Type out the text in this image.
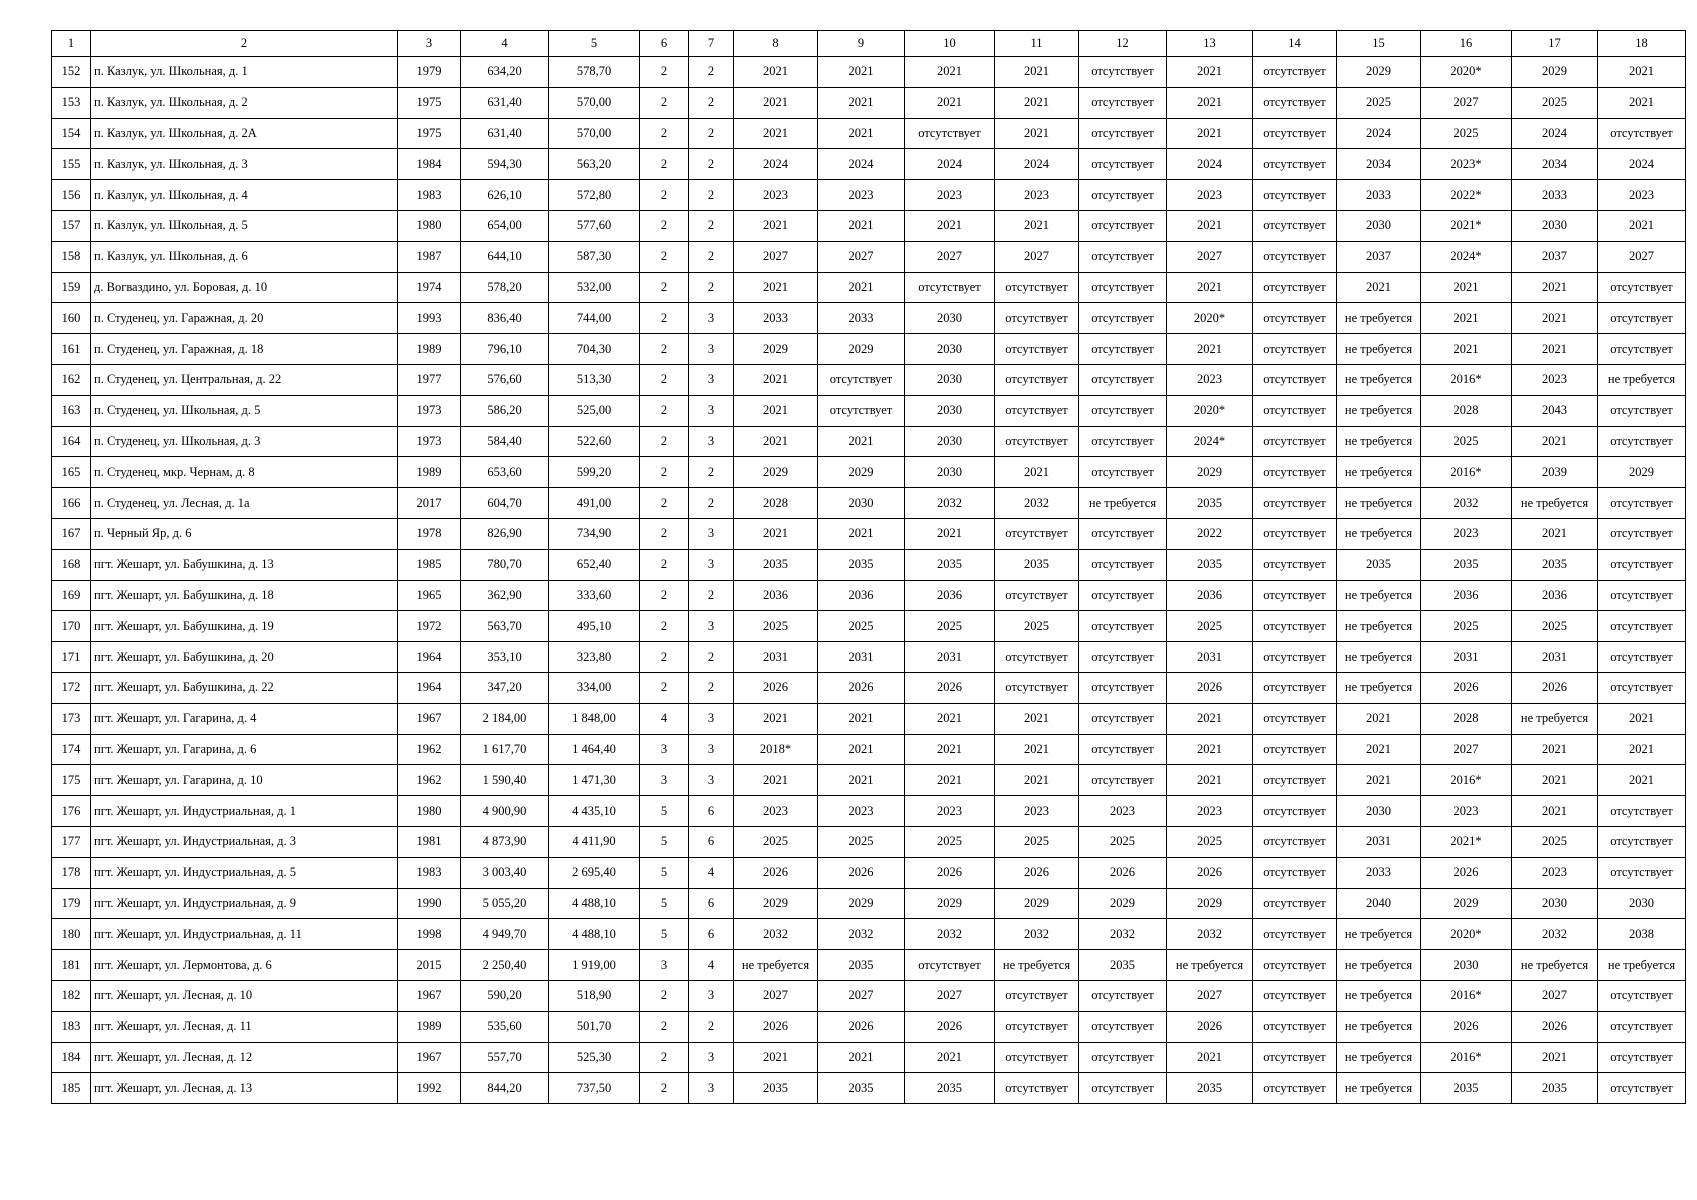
1	2	3	4	5	6	7	8	9	10	11	12	13	14	15	16	17	18
152	п. Казлук, ул. Школьная, д. 1	1979	634,20	578,70	2	2	2021	2021	2021	2021	отсутствует	2021	отсутствует	2029	2020*	2029	2021
153	п. Казлук, ул. Школьная, д. 2	1975	631,40	570,00	2	2	2021	2021	2021	2021	отсутствует	2021	отсутствует	2025	2027	2025	2021
154	п. Казлук, ул. Школьная, д. 2А	1975	631,40	570,00	2	2	2021	2021	отсутствует	2021	отсутствует	2021	отсутствует	2024	2025	2024	отсутствует
155	п. Казлук, ул. Школьная, д. 3	1984	594,30	563,20	2	2	2024	2024	2024	2024	отсутствует	2024	отсутствует	2034	2023*	2034	2024
156	п. Казлук, ул. Школьная, д. 4	1983	626,10	572,80	2	2	2023	2023	2023	2023	отсутствует	2023	отсутствует	2033	2022*	2033	2023
157	п. Казлук, ул. Школьная, д. 5	1980	654,00	577,60	2	2	2021	2021	2021	2021	отсутствует	2021	отсутствует	2030	2021*	2030	2021
158	п. Казлук, ул. Школьная, д. 6	1987	644,10	587,30	2	2	2027	2027	2027	2027	отсутствует	2027	отсутствует	2037	2024*	2037	2027
159	д. Вогваздино, ул. Боровая, д. 10	1974	578,20	532,00	2	2	2021	2021	отсутствует	отсутствует	отсутствует	2021	отсутствует	2021	2021	2021	отсутствует
160	п. Студенец, ул. Гаражная, д. 20	1993	836,40	744,00	2	3	2033	2033	2030	отсутствует	отсутствует	2020*	отсутствует	не требуется	2021	2021	отсутствует
161	п. Студенец, ул. Гаражная, д. 18	1989	796,10	704,30	2	3	2029	2029	2030	отсутствует	отсутствует	2021	отсутствует	не требуется	2021	2021	отсутствует
162	п. Студенец, ул. Центральная, д. 22	1977	576,60	513,30	2	3	2021	отсутствует	2030	отсутствует	отсутствует	2023	отсутствует	не требуется	2016*	2023	не требуется
163	п. Студенец, ул. Школьная, д. 5	1973	586,20	525,00	2	3	2021	отсутствует	2030	отсутствует	отсутствует	2020*	отсутствует	не требуется	2028	2043	отсутствует
164	п. Студенец, ул. Школьная, д. 3	1973	584,40	522,60	2	3	2021	2021	2030	отсутствует	отсутствует	2024*	отсутствует	не требуется	2025	2021	отсутствует
165	п. Студенец, мкр. Чернам, д. 8	1989	653,60	599,20	2	2	2029	2029	2030	2021	отсутствует	2029	отсутствует	не требуется	2016*	2039	2029
166	п. Студенец, ул. Лесная, д. 1а	2017	604,70	491,00	2	2	2028	2030	2032	2032	не требуется	2035	отсутствует	не требуется	2032	не требуется	отсутствует
167	п. Черный Яр, д. 6	1978	826,90	734,90	2	3	2021	2021	2021	отсутствует	отсутствует	2022	отсутствует	не требуется	2023	2021	отсутствует
168	пгт. Жешарт, ул. Бабушкина, д. 13	1985	780,70	652,40	2	3	2035	2035	2035	2035	отсутствует	2035	отсутствует	2035	2035	2035	отсутствует
169	пгт. Жешарт, ул. Бабушкина, д. 18	1965	362,90	333,60	2	2	2036	2036	2036	отсутствует	отсутствует	2036	отсутствует	не требуется	2036	2036	отсутствует
170	пгт. Жешарт, ул. Бабушкина, д. 19	1972	563,70	495,10	2	3	2025	2025	2025	2025	отсутствует	2025	отсутствует	не требуется	2025	2025	отсутствует
171	пгт. Жешарт, ул. Бабушкина, д. 20	1964	353,10	323,80	2	2	2031	2031	2031	отсутствует	отсутствует	2031	отсутствует	не требуется	2031	2031	отсутствует
172	пгт. Жешарт, ул. Бабушкина, д. 22	1964	347,20	334,00	2	2	2026	2026	2026	отсутствует	отсутствует	2026	отсутствует	не требуется	2026	2026	отсутствует
173	пгт. Жешарт, ул. Гагарина, д. 4	1967	2 184,00	1 848,00	4	3	2021	2021	2021	2021	отсутствует	2021	отсутствует	2021	2028	не требуется	2021
174	пгт. Жешарт, ул. Гагарина, д. 6	1962	1 617,70	1 464,40	3	3	2018*	2021	2021	2021	отсутствует	2021	отсутствует	2021	2027	2021	2021
175	пгт. Жешарт, ул. Гагарина, д. 10	1962	1 590,40	1 471,30	3	3	2021	2021	2021	2021	отсутствует	2021	отсутствует	2021	2016*	2021	2021
176	пгт. Жешарт, ул. Индустриальная, д. 1	1980	4 900,90	4 435,10	5	6	2023	2023	2023	2023	2023	2023	отсутствует	2030	2023	2021	отсутствует
177	пгт. Жешарт, ул. Индустриальная, д. 3	1981	4 873,90	4 411,90	5	6	2025	2025	2025	2025	2025	2025	отсутствует	2031	2021*	2025	отсутствует
178	пгт. Жешарт, ул. Индустриальная, д. 5	1983	3 003,40	2 695,40	5	4	2026	2026	2026	2026	2026	2026	отсутствует	2033	2026	2023	отсутствует
179	пгт. Жешарт, ул. Индустриальная, д. 9	1990	5 055,20	4 488,10	5	6	2029	2029	2029	2029	2029	2029	отсутствует	2040	2029	2030	2030
180	пгт. Жешарт, ул. Индустриальная, д. 11	1998	4 949,70	4 488,10	5	6	2032	2032	2032	2032	2032	2032	отсутствует	не требуется	2020*	2032	2038
181	пгт. Жешарт, ул. Лермонтова, д. 6	2015	2 250,40	1 919,00	3	4	не требуется	2035	отсутствует	не требуется	2035	не требуется	отсутствует	не требуется	2030	не требуется	не требуется
182	пгт. Жешарт, ул. Лесная, д. 10	1967	590,20	518,90	2	3	2027	2027	2027	отсутствует	отсутствует	2027	отсутствует	не требуется	2016*	2027	отсутствует
183	пгт. Жешарт, ул. Лесная, д. 11	1989	535,60	501,70	2	2	2026	2026	2026	отсутствует	отсутствует	2026	отсутствует	не требуется	2026	2026	отсутствует
184	пгт. Жешарт, ул. Лесная, д. 12	1967	557,70	525,30	2	3	2021	2021	2021	отсутствует	отсутствует	2021	отсутствует	не требуется	2016*	2021	отсутствует
185	пгт. Жешарт, ул. Лесная, д. 13	1992	844,20	737,50	2	3	2035	2035	2035	отсутствует	отсутствует	2035	отсутствует	не требуется	2035	2035	отсутствует
